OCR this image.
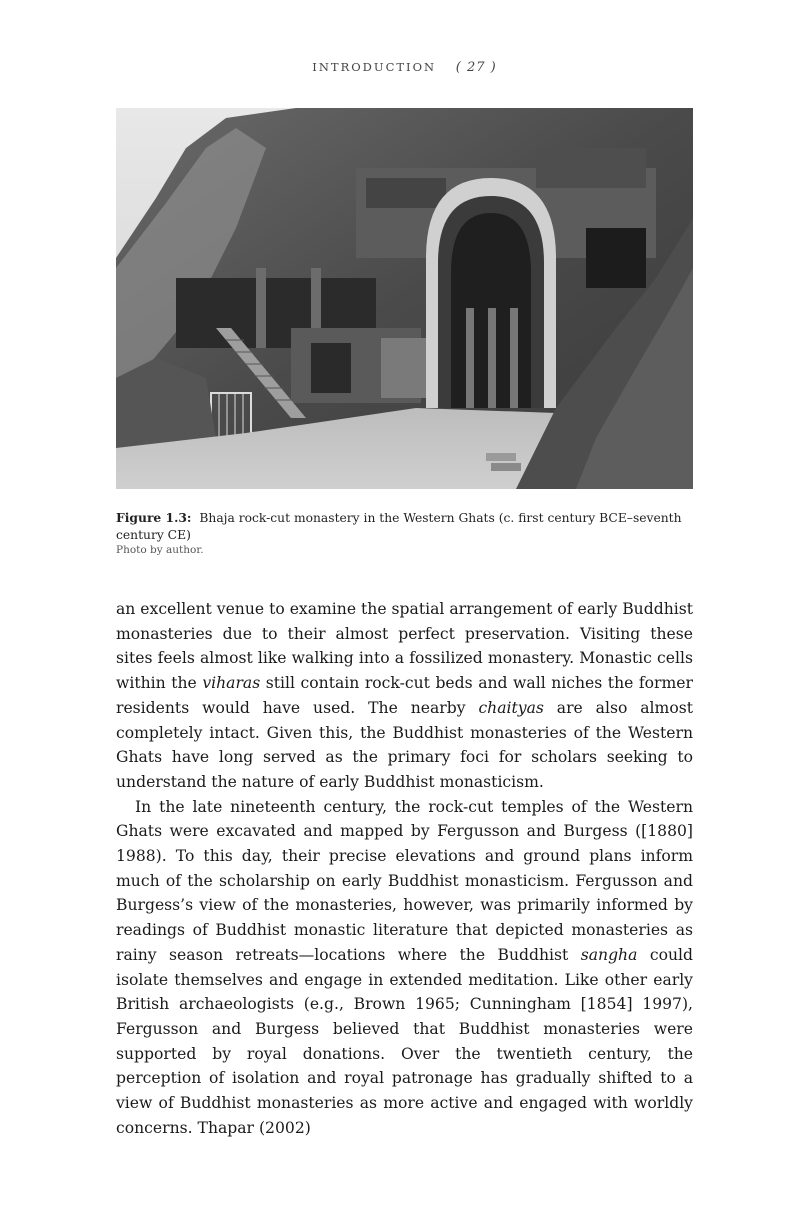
INTRODUCTION ( 27 )
Figure 1.3: Bhaja rock-cut monastery in the Western Ghats (c. first century BCE–seventh century CE)
Photo by author.

an excellent venue to examine the spatial arrangement of early Buddhist monasteries due to their almost perfect preservation. Visiting these sites feels almost like walking into a fossilized monastery. Monastic cells within the viharas still contain rock-cut beds and wall niches the former residents would have used. The nearby chaityas are also almost completely intact. Given this, the Buddhist monasteries of the Western Ghats have long served as the primary foci for scholars seeking to understand the nature of early Buddhist monasticism.

In the late nineteenth century, the rock-cut temples of the Western Ghats were excavated and mapped by Fergusson and Burgess ([1880] 1988). To this day, their precise elevations and ground plans inform much of the scholarship on early Buddhist monasticism. Fergusson and Burgess’s view of the monasteries, however, was primarily informed by readings of Buddhist monastic literature that depicted monasteries as rainy season retreats—locations where the Buddhist sangha could isolate themselves and engage in extended meditation. Like other early British archaeologists (e.g., Brown 1965; Cunningham [1854] 1997), Fergusson and Burgess believed that Buddhist monasteries were supported by royal donations. Over the twentieth century, the perception of isolation and royal patronage has gradually shifted to a view of Buddhist monasteries as more active and engaged with worldly concerns. Thapar (2002)
